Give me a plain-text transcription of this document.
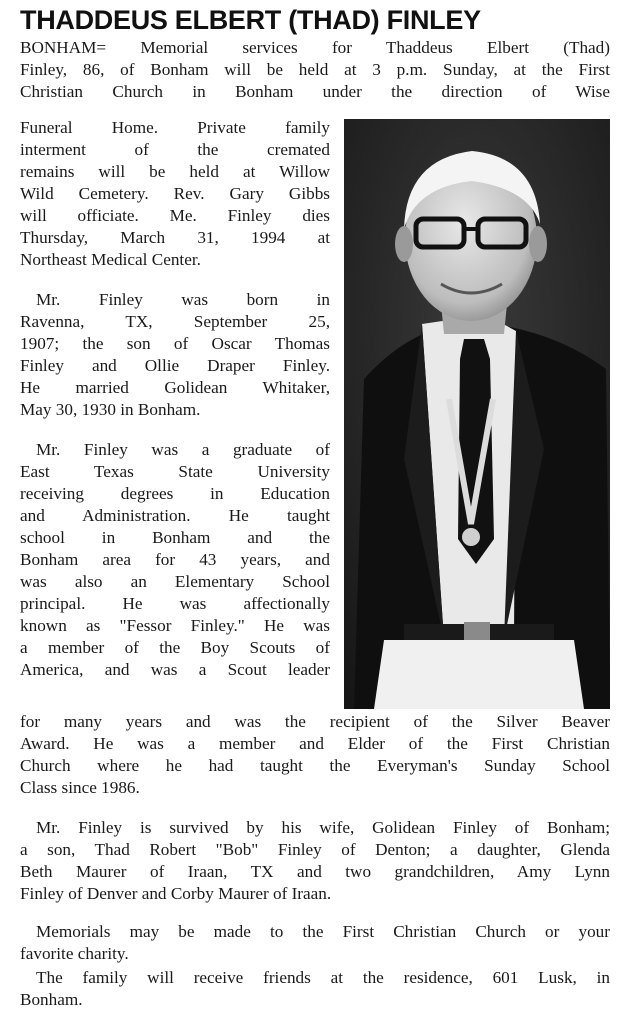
THADDEUS ELBERT (THAD) FINLEY

BONHAM= Memorial services for Thaddeus Elbert (Thad)

Finley, 86, of Bonham will be held at 3 p.m. Sunday, at the First

Christian Church in Bonham under the direction of Wise

Funeral Home. Private family

interment of the cremated

remains will be held at Willow

Wild Cemetery. Rev. Gary Gibbs

will officiate. Me. Finley dies

Thursday, March 31, 1994 at

Northeast Medical Center.

Mr. Finley was born in

Ravenna, TX, September 25,

1907; the son of Oscar Thomas

Finley and Ollie Draper Finley.

He married Golidean Whitaker,

May 30, 1930 in Bonham.

Mr. Finley was a graduate of

East Texas State University

receiving degrees in Education

and Administration. He taught

school in Bonham and the

Bonham area for 43 years, and

was also an Elementary School

principal. He was affectionally

known as "Fessor Finley." He was

a member of the Boy Scouts of

America, and was a Scout leader

for many years and was the recipient of the Silver Beaver

Award. He was a member and Elder of the First Christian

Church where he had taught the Everyman's Sunday School

Class since 1986.

Mr. Finley is survived by his wife, Golidean Finley of Bonham;

a son, Thad Robert "Bob" Finley of Denton; a daughter, Glenda

Beth Maurer of Iraan, TX and two grandchildren, Amy Lynn

Finley of Denver and Corby Maurer of Iraan.

Memorials may be made to the First Christian Church or your

favorite charity.

The family will receive friends at the residence, 601 Lusk, in

Bonham.
